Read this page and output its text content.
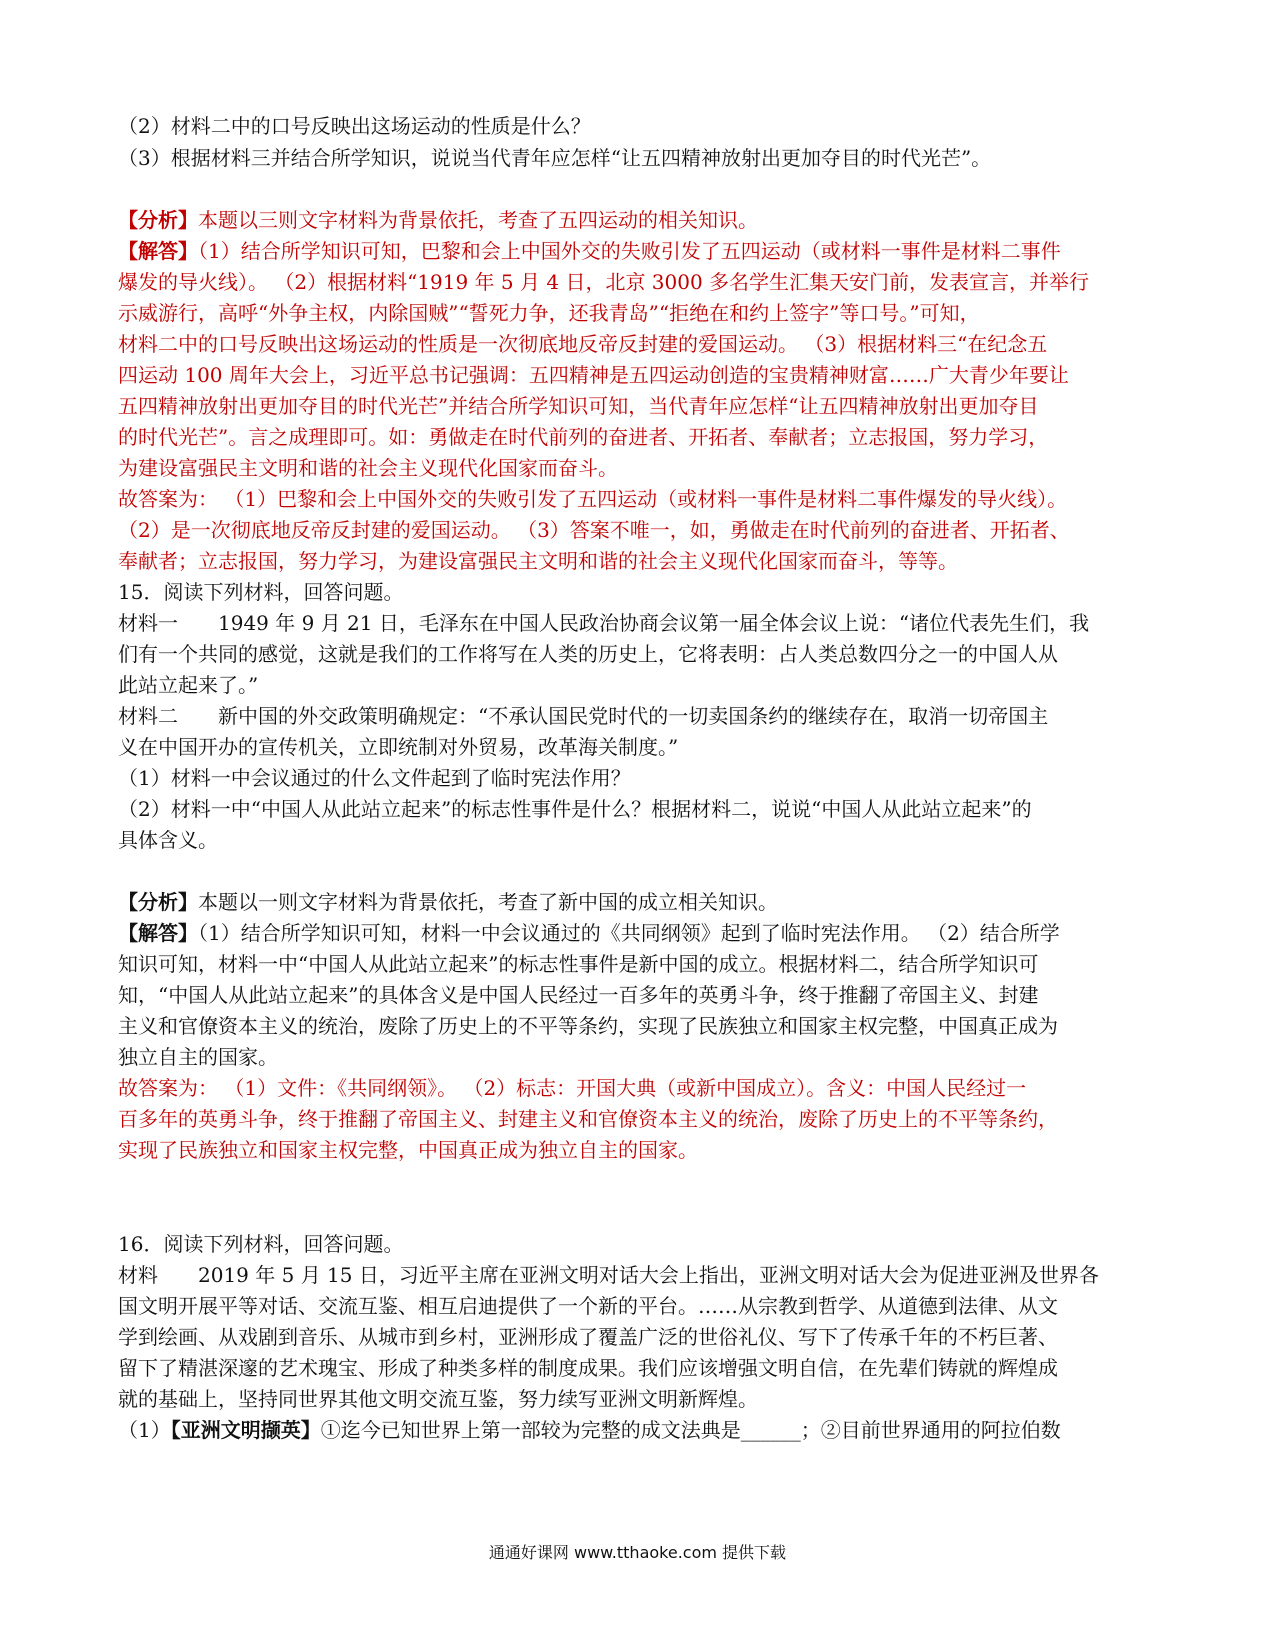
（2）材料二中的口号反映出这场运动的性质是什么？
（3）根据材料三并结合所学知识，说说当代青年应怎样“让五四精神放射出更加夺目的时代光芒”。
【分析】本题以三则文字材料为背景依托，考查了五四运动的相关知识。
【解答】（1）结合所学知识可知，巴黎和会上中国外交的失败引发了五四运动（或材料一事件是材料二事件
爆发的导火线）。 （2）根据材料“1919 年 5 月 4 日，北京 3000 多名学生汇集天安门前，发表宣言，并举行
示威游行，高呼“外争主权，内除国贼”“誓死力争，还我青岛”“拒绝在和约上签字”等口号。”可知，
材料二中的口号反映出这场运动的性质是一次彻底地反帝反封建的爱国运动。 （3）根据材料三“在纪念五
四运动 100 周年大会上，习近平总书记强调：五四精神是五四运动创造的宝贵精神财富……广大青少年要让
五四精神放射出更加夺目的时代光芒”并结合所学知识可知，当代青年应怎样“让五四精神放射出更加夺目
的时代光芒”。言之成理即可。如：勇做走在时代前列的奋进者、开拓者、奉献者；立志报国，努力学习，
为建设富强民主文明和谐的社会主义现代化国家而奋斗。
故答案为： （1）巴黎和会上中国外交的失败引发了五四运动（或材料一事件是材料二事件爆发的导火线）。
（2）是一次彻底地反帝反封建的爱国运动。 （3）答案不唯一，如，勇做走在时代前列的奋进者、开拓者、
奉献者；立志报国，努力学习，为建设富强民主文明和谐的社会主义现代化国家而奋斗，等等。
15．阅读下列材料，回答问题。
材料一　　1949 年 9 月 21 日，毛泽东在中国人民政治协商会议第一届全体会议上说：“诸位代表先生们，我
们有一个共同的感觉，这就是我们的工作将写在人类的历史上，它将表明：占人类总数四分之一的中国人从
此站立起来了。”
材料二　　新中国的外交政策明确规定：“不承认国民党时代的一切卖国条约的继续存在，取消一切帝国主
义在中国开办的宣传机关，立即统制对外贸易，改革海关制度。”
（1）材料一中会议通过的什么文件起到了临时宪法作用？
（2）材料一中“中国人从此站立起来”的标志性事件是什么？根据材料二，说说“中国人从此站立起来”的
具体含义。
【分析】本题以一则文字材料为背景依托，考查了新中国的成立相关知识。
【解答】（1）结合所学知识可知，材料一中会议通过的《共同纲领》起到了临时宪法作用。 （2）结合所学
知识可知，材料一中“中国人从此站立起来”的标志性事件是新中国的成立。根据材料二，结合所学知识可
知，“中国人从此站立起来”的具体含义是中国人民经过一百多年的英勇斗争，终于推翻了帝国主义、封建
主义和官僚资本主义的统治，废除了历史上的不平等条约，实现了民族独立和国家主权完整，中国真正成为
独立自主的国家。
故答案为： （1）文件：《共同纲领》。 （2）标志：开国大典（或新中国成立）。含义：中国人民经过一
百多年的英勇斗争，终于推翻了帝国主义、封建主义和官僚资本主义的统治，废除了历史上的不平等条约，
实现了民族独立和国家主权完整，中国真正成为独立自主的国家。
16．阅读下列材料，回答问题。
材料　　2019 年 5 月 15 日，习近平主席在亚洲文明对话大会上指出，亚洲文明对话大会为促进亚洲及世界各
国文明开展平等对话、交流互鉴、相互启迪提供了一个新的平台。……从宗教到哲学、从道德到法律、从文
学到绘画、从戏剧到音乐、从城市到乡村，亚洲形成了覆盖广泛的世俗礼仪、写下了传承千年的不朽巨著、
留下了精湛深邃的艺术瑰宝、形成了种类多样的制度成果。我们应该增强文明自信，在先辈们铸就的辉煌成
就的基础上，坚持同世界其他文明交流互鉴，努力续写亚洲文明新辉煌。
（1）【亚洲文明撷英】①迄今已知世界上第一部较为完整的成文法典是______；②目前世界通用的阿拉伯数
通通好课网 www.tthaoke.com 提供下载
